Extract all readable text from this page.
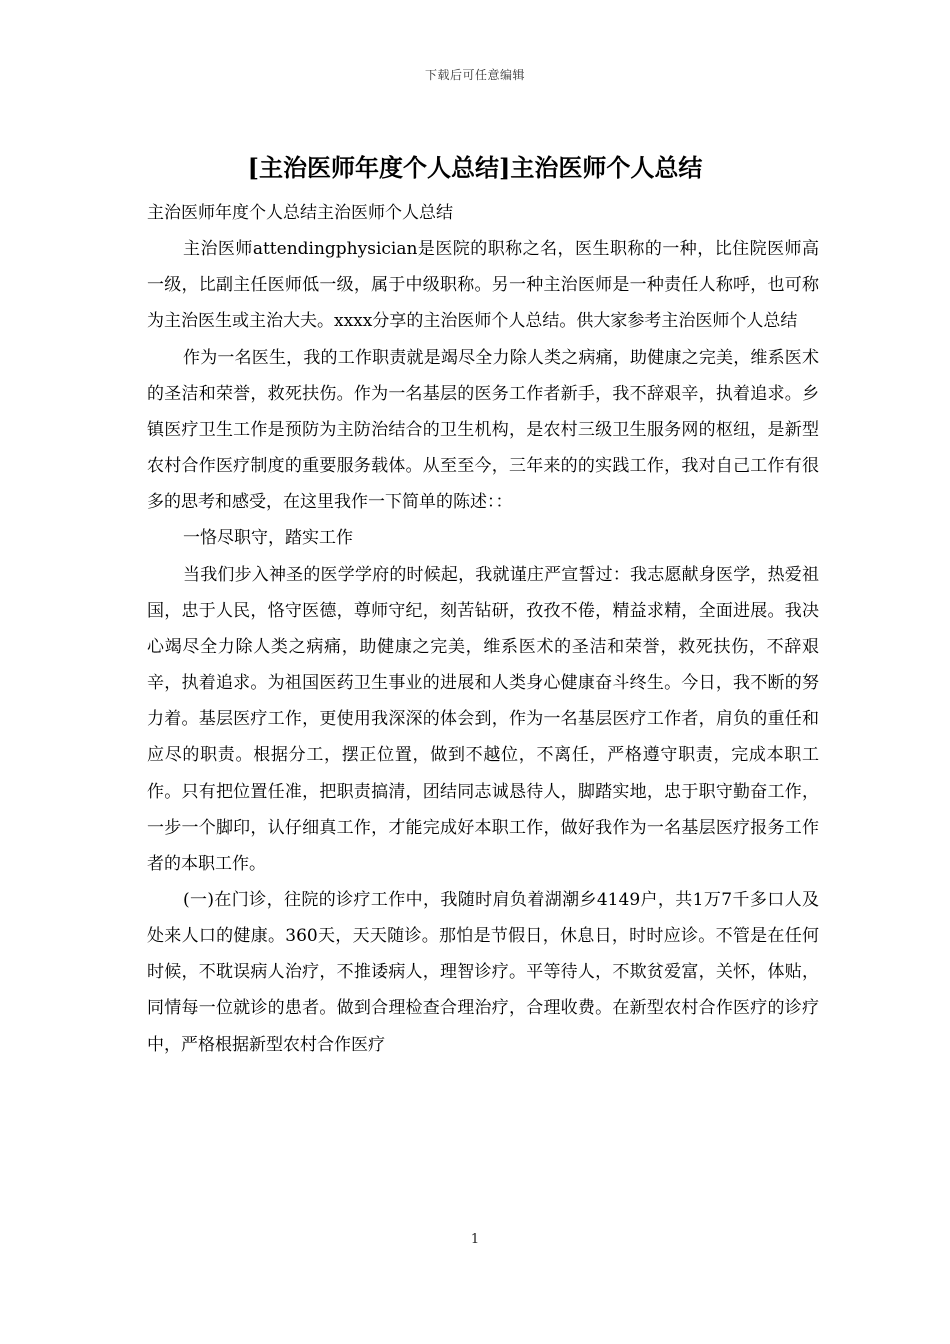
下载后可任意编辑
[主治医师年度个人总结]主治医师个人总结

主治医师年度个人总结主治医师个人总结

主治医师attendingphysician是医院的职称之名，医生职称的一种，比住院医师高一级，比副主任医师低一级，属于中级职称。另一种主治医师是一种责任人称呼，也可称为主治医生或主治大夫。xxxx分享的主治医师个人总结。供大家参考主治医师个人总结

作为一名医生，我的工作职责就是竭尽全力除人类之病痛，助健康之完美，维系医术的圣洁和荣誉，救死扶伤。作为一名基层的医务工作者新手，我不辞艰辛，执着追求。乡镇医疗卫生工作是预防为主防治结合的卫生机构，是农村三级卫生服务网的枢纽，是新型农村合作医疗制度的重要服务载体。从至至今，三年来的的实践工作，我对自己工作有很多的思考和感受，在这里我作一下简单的陈述：：

一恪尽职守，踏实工作

当我们步入神圣的医学学府的时候起，我就谨庄严宣誓过：我志愿献身医学，热爱祖国，忠于人民，恪守医德，尊师守纪，刻苦钻研，孜孜不倦，精益求精，全面进展。我决心竭尽全力除人类之病痛，助健康之完美，维系医术的圣洁和荣誉，救死扶伤，不辞艰辛，执着追求。为祖国医药卫生事业的进展和人类身心健康奋斗终生。今日，我不断的努力着。基层医疗工作，更使用我深深的体会到，作为一名基层医疗工作者，肩负的重任和应尽的职责。根据分工，摆正位置，做到不越位，不离任，严格遵守职责，完成本职工作。只有把位置任准，把职责搞清，团结同志诚恳待人，脚踏实地，忠于职守勤奋工作，一步一个脚印，认仔细真工作，才能完成好本职工作，做好我作为一名基层医疗报务工作者的本职工作。

(一)在门诊，往院的诊疗工作中，我随时肩负着湖潮乡4149户，共1万7千多口人及处来人口的健康。360天，天天随诊。那怕是节假日，休息日，时时应诊。不管是在任何时候，不耽误病人治疗，不推诿病人，理智诊疗。平等待人，不欺贫爱富，关怀，体贴，同情每一位就诊的患者。做到合理检查合理治疗，合理收费。在新型农村合作医疗的诊疗中，严格根据新型农村合作医疗

1
